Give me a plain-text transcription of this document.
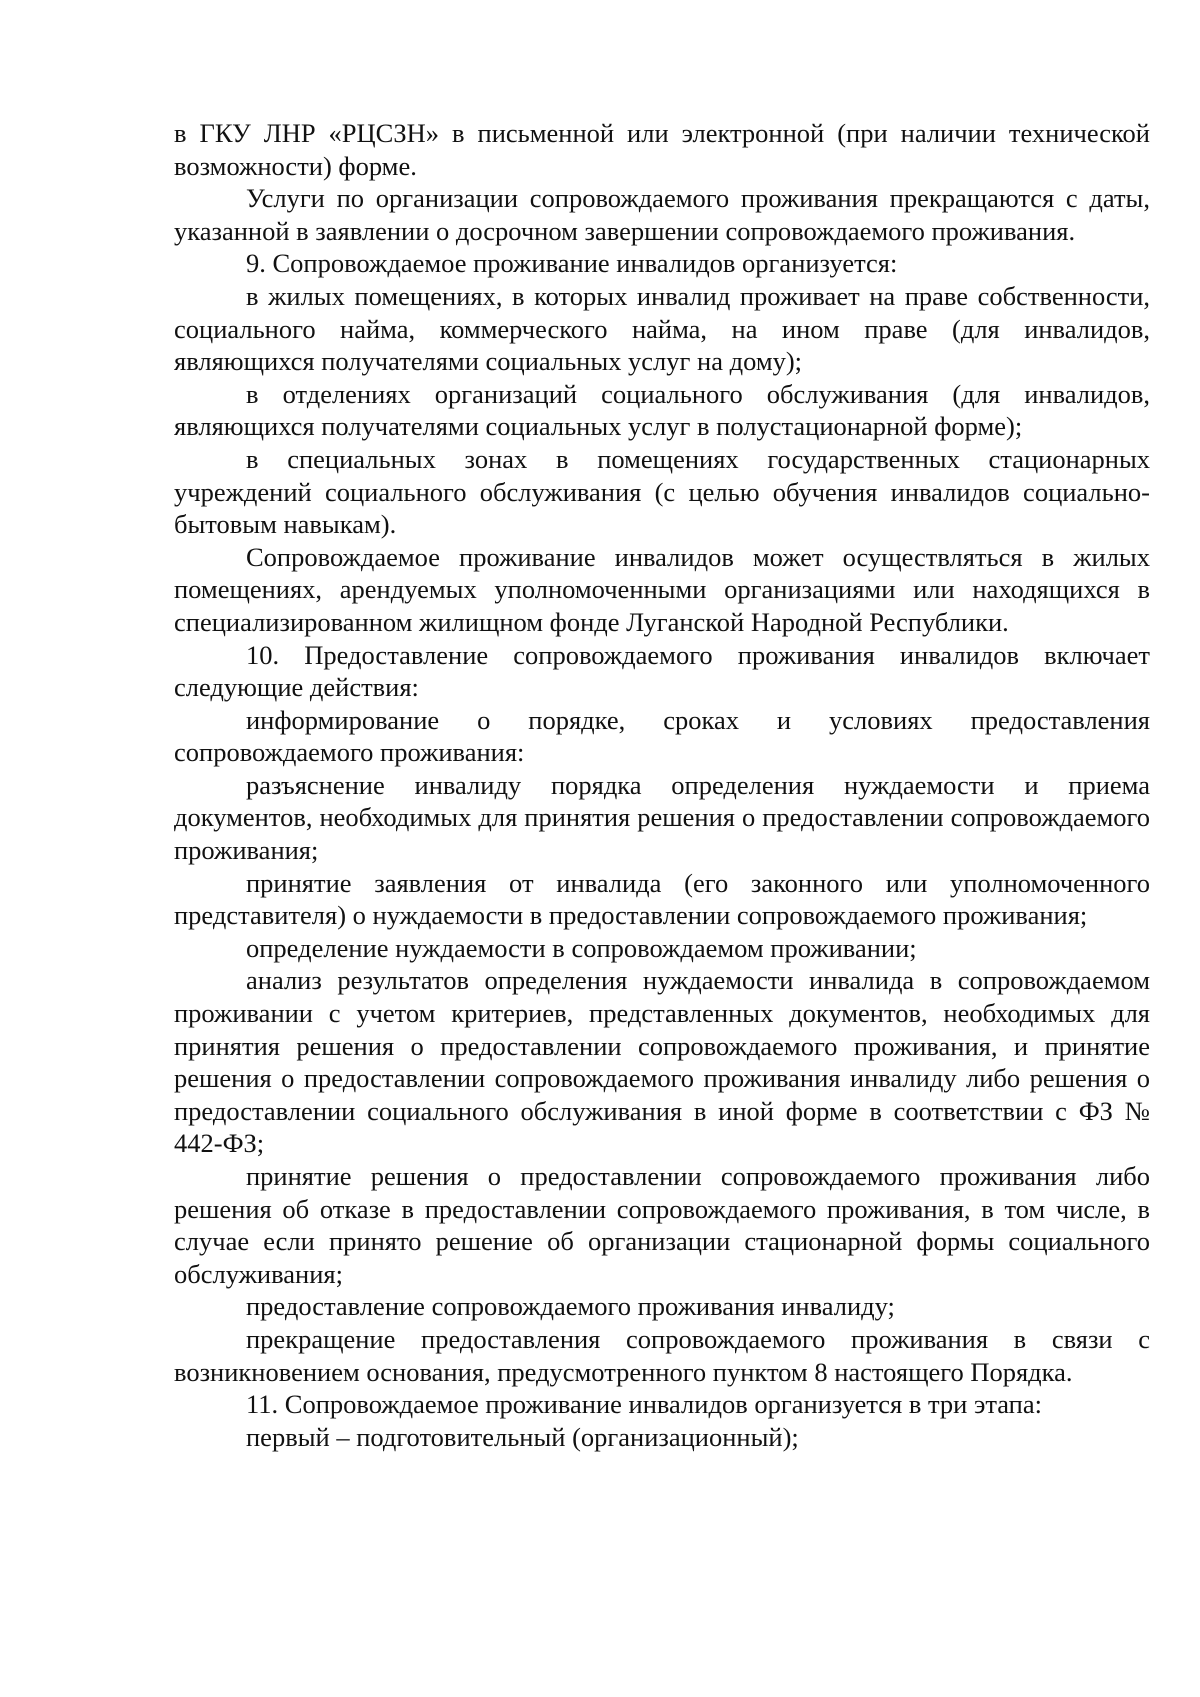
в ГКУ ЛНР «РЦСЗН» в письменной или электронной (при наличии технической возможности) форме.

Услуги по организации сопровождаемого проживания прекращаются с даты, указанной в заявлении о досрочном завершении сопровождаемого проживания.

9. Сопровождаемое проживание инвалидов организуется:

в жилых помещениях, в которых инвалид проживает на праве собственности, социального найма, коммерческого найма, на ином праве (для инвалидов, являющихся получателями социальных услуг на дому);

в отделениях организаций социального обслуживания (для инвалидов, являющихся получателями социальных услуг в полустационарной форме);

в специальных зонах в помещениях государственных стационарных учреждений социального обслуживания (с целью обучения инвалидов социально-бытовым навыкам).

Сопровождаемое проживание инвалидов может осуществляться в жилых помещениях, арендуемых уполномоченными организациями или находящихся в специализированном жилищном фонде Луганской Народной Республики.

10. Предоставление сопровождаемого проживания инвалидов включает следующие действия:

информирование о порядке, сроках и условиях предоставления сопровождаемого проживания:

разъяснение инвалиду порядка определения нуждаемости и приема документов, необходимых для принятия решения о предоставлении сопровождаемого проживания;

принятие заявления от инвалида (его законного или уполномоченного представителя) о нуждаемости в предоставлении сопровождаемого проживания;

определение нуждаемости в сопровождаемом проживании;

анализ результатов определения нуждаемости инвалида в сопровождаемом проживании с учетом критериев, представленных документов, необходимых для принятия решения о предоставлении сопровождаемого проживания, и принятие решения о предоставлении сопровождаемого проживания инвалиду либо решения о предоставлении социального обслуживания в иной форме в соответствии с ФЗ № 442-ФЗ;

принятие решения о предоставлении сопровождаемого проживания либо решения об отказе в предоставлении сопровождаемого проживания, в том числе, в случае если принято решение об организации стационарной формы социального обслуживания;

предоставление сопровождаемого проживания инвалиду;

прекращение предоставления сопровождаемого проживания в связи с возникновением основания, предусмотренного пунктом 8 настоящего Порядка.

11. Сопровождаемое проживание инвалидов организуется в три этапа:

первый – подготовительный (организационный);
